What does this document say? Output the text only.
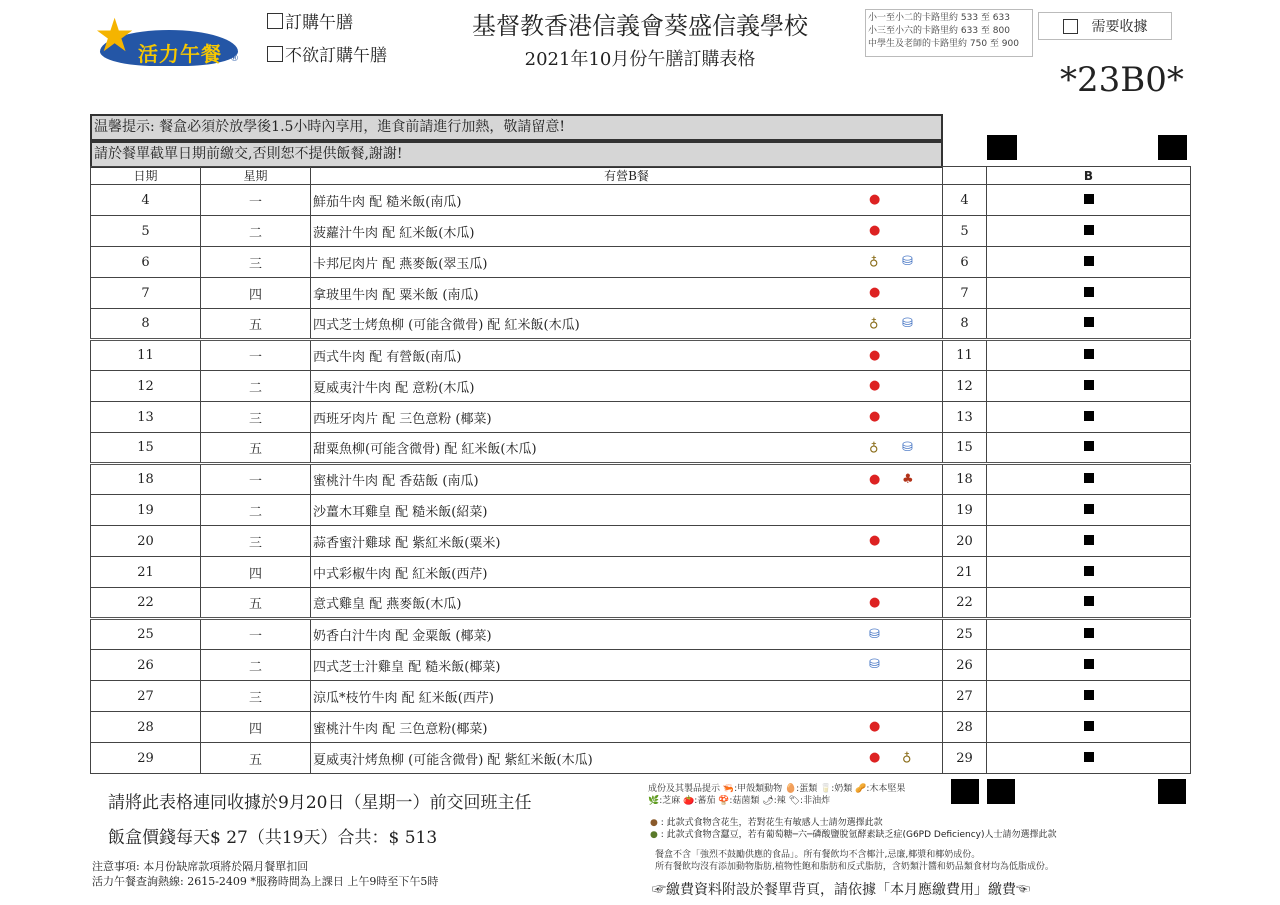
★ 活力午餐 ®
訂購午膳
不欲訂購午膳
基督教香港信義會葵盛信義學校
2021年10月份午膳訂購表格
小一至小二的卡路里約 533 至 633
小三至小六的卡路里約 633 至 800
中學生及老師的卡路里約 750 至 900
需要收據
*23B0*
温馨提示: 餐盒必須於放學後1.5小時內享用，進食前請進行加熱，敬請留意!
請於餐單截單日期前繳交,否則恕不提供飯餐,謝謝!
日期	星期	有營B餐		B
4	一	鮮茄牛肉 配 糙米飯(南瓜) ●	4	
5	二	菠蘿汁牛肉 配 紅米飯(木瓜) ●	5	
6	三	卡邦尼肉片 配 燕麥飯(翠玉瓜) ♁ ⛁	6	
7	四	拿玻里牛肉 配 粟米飯 (南瓜) ●	7	
8	五	四式芝士烤魚柳 (可能含微骨) 配 紅米飯(木瓜) ♁ ⛁	8	
11	一	西式牛肉 配 有營飯(南瓜) ●	11	
12	二	夏威夷汁牛肉 配 意粉(木瓜) ●	12	
13	三	西班牙肉片 配 三色意粉 (椰菜) ●	13	
15	五	甜粟魚柳(可能含微骨) 配 紅米飯(木瓜) ♁ ⛁	15	
18	一	蜜桃汁牛肉 配 香菇飯 (南瓜) ● ♣	18	
19	二	沙薑木耳雞皇 配 糙米飯(紹菜)	19	
20	三	蒜香蜜汁雞球 配 紫紅米飯(粟米) ●	20	
21	四	中式彩椒牛肉 配 紅米飯(西芹)	21	
22	五	意式雞皇 配 燕麥飯(木瓜) ●	22	
25	一	奶香白汁牛肉 配 金粟飯 (椰菜) ⛁	25	
26	二	四式芝士汁雞皇 配 糙米飯(椰菜) ⛁	26	
27	三	涼瓜*枝竹牛肉 配 紅米飯(西芹)	27	
28	四	蜜桃汁牛肉 配 三色意粉(椰菜) ●	28	
29	五	夏威夷汁烤魚柳 (可能含微骨) 配 紫紅米飯(木瓜) ● ♁	29	
請將此表格連同收據於9月20日（星期一）前交回班主任
飯盒價錢每天$ 27（共19天）合共：$ 513
注意事項: 本月份缺席款項將於隔月餐單扣回
活力午餐查詢熱線: 2615-2409 *服務時間為上課日 上午9時至下午5時
成份及其製品提示 🦐:甲殼類動物 🥚:蛋類 🥛:奶類 🥜:木本堅果
🌿:芝麻 🍅:蕃茄 🍄:菇菌類 🌶:辣 🏷:非油炸
● : 此款式食物含花生，若對花生有敏感人士請勿選擇此款
● : 此款式食物含蠶豆，若有葡萄糖─六─磷酸鹽脫氫酵素缺乏症(G6PD Deficiency)人士請勿選擇此款
餐盒不含「強烈不鼓勵供應的食品」。所有餐飲均不含椰汁,忌廉,椰漿和椰奶成份。
所有餐飲均沒有添加動物脂肪,植物性飽和脂肪和反式脂肪，含奶類汁醬和奶品類食材均為低脂成份。
☞繳費資料附設於餐單背頁，請依據「本月應繳費用」繳費☜
